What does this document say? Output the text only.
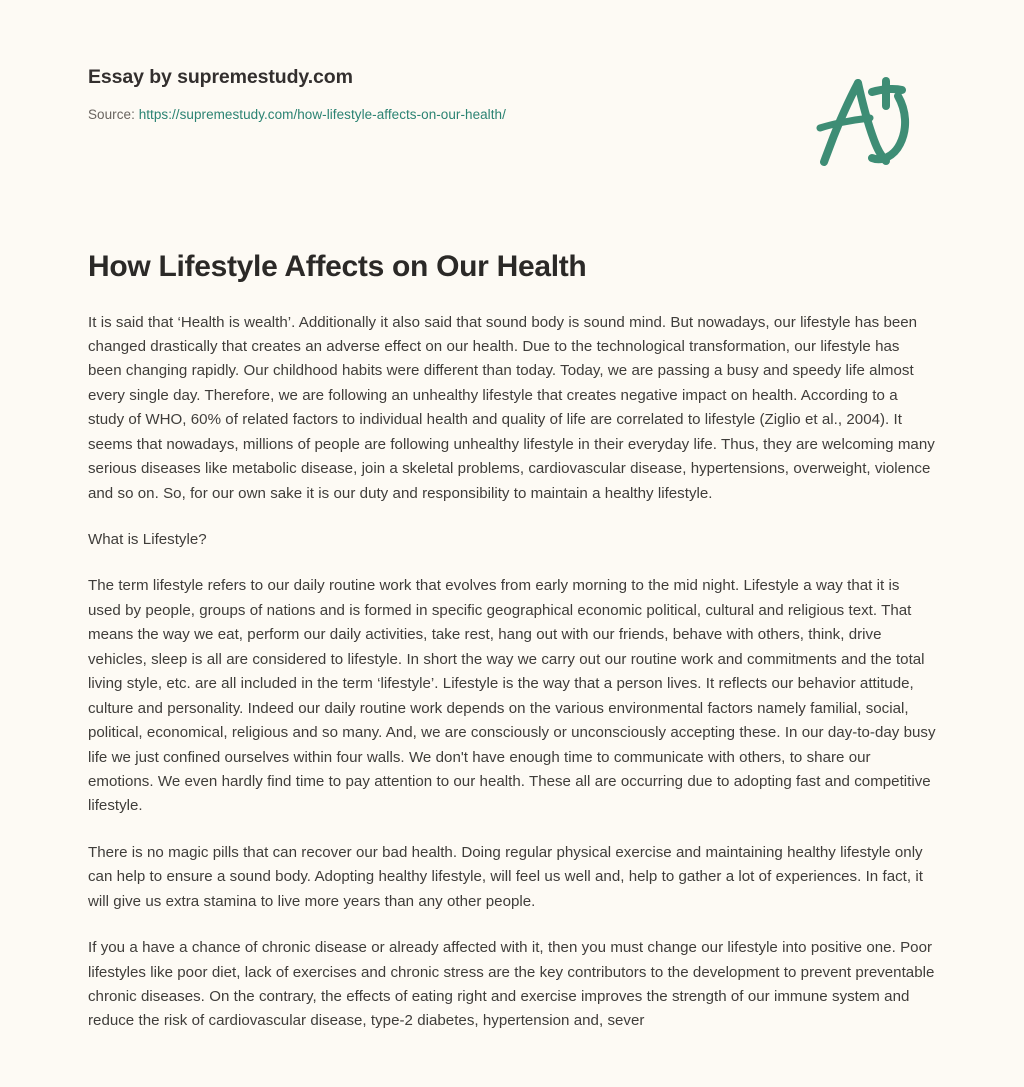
Essay by supremestudy.com
Source: https://supremestudy.com/how-lifestyle-affects-on-our-health/
How Lifestyle Affects on Our Health

It is said that ‘Health is wealth’. Additionally it also said that sound body is sound mind. But nowadays, our lifestyle has been changed drastically that creates an adverse effect on our health. Due to the technological transformation, our lifestyle has been changing rapidly. Our childhood habits were different than today. Today, we are passing a busy and speedy life almost every single day. Therefore, we are following an unhealthy lifestyle that creates negative impact on health. According to a study of WHO, 60% of related factors to individual health and quality of life are correlated to lifestyle (Ziglio et al., 2004). It seems that nowadays, millions of people are following unhealthy lifestyle in their everyday life. Thus, they are welcoming many serious diseases like metabolic disease, join a skeletal problems, cardiovascular disease, hypertensions, overweight, violence and so on. So, for our own sake it is our duty and responsibility to maintain a healthy lifestyle.

What is Lifestyle?

The term lifestyle refers to our daily routine work that evolves from early morning to the mid night. Lifestyle a way that it is used by people, groups of nations and is formed in specific geographical economic political, cultural and religious text. That means the way we eat, perform our daily activities, take rest, hang out with our friends, behave with others, think, drive vehicles, sleep is all are considered to lifestyle. In short the way we carry out our routine work and commitments and the total living style, etc. are all included in the term ‘lifestyle’. Lifestyle is the way that a person lives. It reflects our behavior attitude, culture and personality. Indeed our daily routine work depends on the various environmental factors namely familial, social, political, economical, religious and so many. And, we are consciously or unconsciously accepting these. In our day-to-day busy life we just confined ourselves within four walls. We don't have enough time to communicate with others, to share our emotions. We even hardly find time to pay attention to our health. These all are occurring due to adopting fast and competitive lifestyle.

There is no magic pills that can recover our bad health. Doing regular physical exercise and maintaining healthy lifestyle only can help to ensure a sound body. Adopting healthy lifestyle, will feel us well and, help to gather a lot of experiences. In fact, it will give us extra stamina to live more years than any other people.

If you a have a chance of chronic disease or already affected with it, then you must change our lifestyle into positive one. Poor lifestyles like poor diet, lack of exercises and chronic stress are the key contributors to the development to prevent preventable chronic diseases. On the contrary, the effects of eating right and exercise improves the strength of our immune system and reduce the risk of cardiovascular disease, type-2 diabetes, hypertension and, sever
